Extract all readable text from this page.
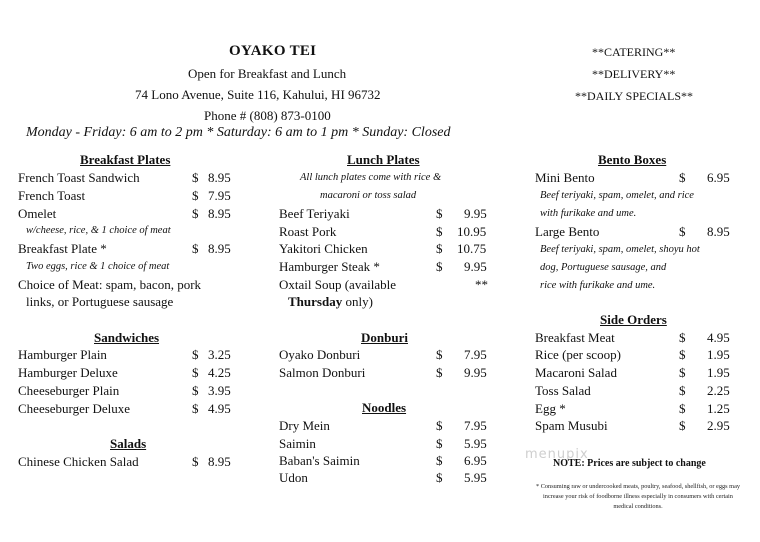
OYAKO TEI
Open for Breakfast and Lunch
74 Lono Avenue, Suite 116, Kahului, HI 96732
Phone # (808) 873-0100
Monday - Friday: 6 am to 2 pm * Saturday: 6 am to 1 pm * Sunday: Closed
**CATERING**
**DELIVERY**
**DAILY SPECIALS**
Breakfast Plates
French Toast Sandwich	$ 8.95
French Toast	$ 7.95
Omelet	$ 8.95
w/cheese, rice, & 1 choice of meat
Breakfast Plate *	$ 8.95
Two eggs, rice & 1 choice of meat
Choice of Meat: spam, bacon, pork
links, or Portuguese sausage
Sandwiches
Hamburger Plain	$ 3.25
Hamburger Deluxe	$ 4.25
Cheeseburger Plain	$ 3.95
Cheeseburger Deluxe	$ 4.95
Salads
Chinese Chicken Salad	$ 8.95
Lunch Plates
All lunch plates come with rice &
macaroni or toss salad
Beef Teriyaki	$ 9.95
Roast Pork	$ 10.95
Yakitori Chicken	$ 10.75
Hamburger Steak *	$ 9.95
Oxtail Soup (available	**
Thursday only)
Donburi
Oyako Donburi	$ 7.95
Salmon Donburi	$ 9.95
Noodles
Dry Mein	$ 7.95
Saimin	$ 5.95
Baban's Saimin	$ 6.95
Udon	$ 5.95
Bento Boxes
Mini Bento	$ 6.95
Beef teriyaki, spam, omelet, and rice
with furikake and ume.
Large Bento	$ 8.95
Beef teriyaki, spam, omelet, shoyu hot
dog, Portuguese sausage, and
rice with furikake and ume.
Side Orders
Breakfast Meat	$ 4.95
Rice (per scoop)	$ 1.95
Macaroni Salad	$ 1.95
Toss Salad	$ 2.25
Egg *	$ 1.25
Spam Musubi	$ 2.95
menupix
NOTE: Prices are subject to change
* Consuming raw or undercooked meats, poultry, seafood, shellfish, or eggs may increase your risk of foodborne illness especially in consumers with certain medical conditions.
